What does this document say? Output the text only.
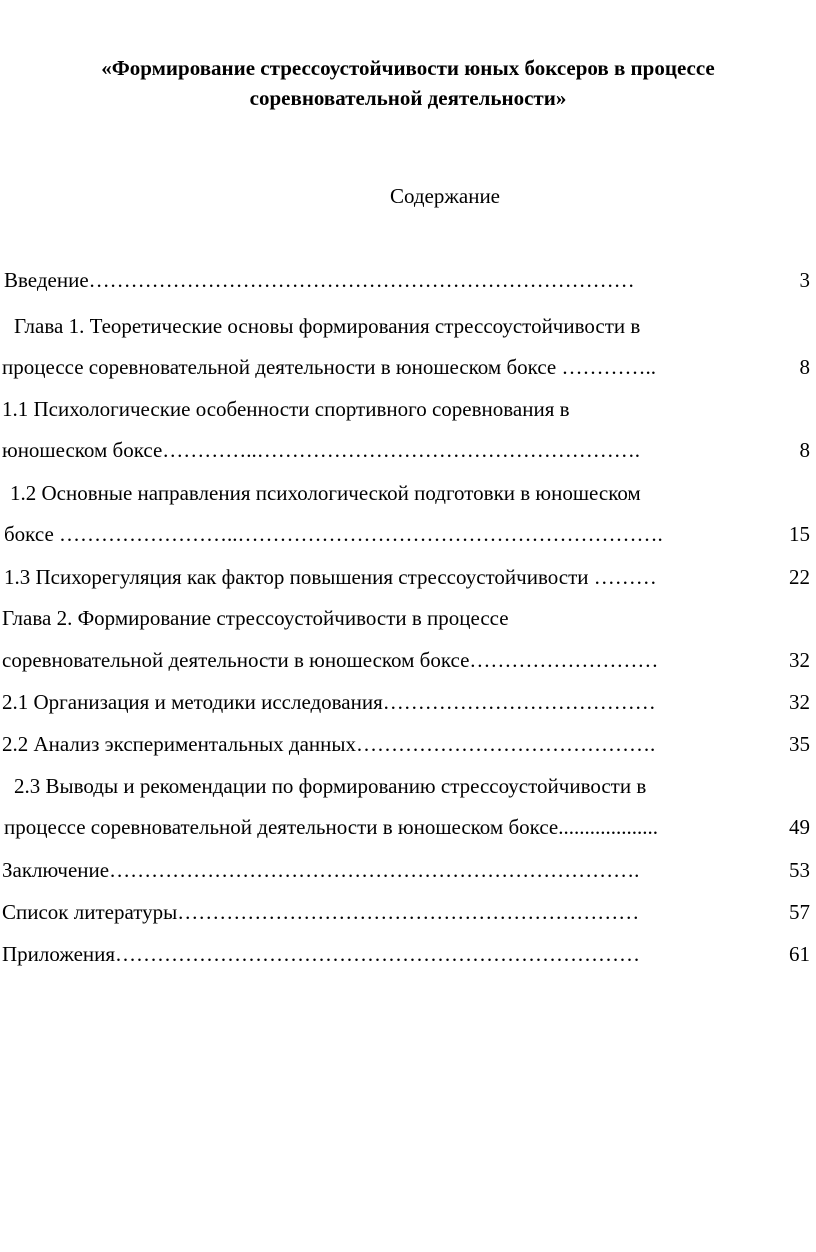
«Формирование стрессоустойчивости юных боксеров в процессе
соревновательной деятельности»
Содержание
Введение……………………………………………………………………	3
Глава 1. Теоретические основы формирования стрессоустойчивости в
процессе соревновательной деятельности в юношеском боксе …………..	8
1.1 Психологические особенности спортивного соревнования в
юношеском боксе…………..……………………………………………….	8
1.2 Основные направления психологической подготовки в юношеском
боксе ……………………..…………………………………………………….	15
1.3 Психорегуляция как фактор повышения стрессоустойчивости ………	22
Глава 2. Формирование стрессоустойчивости в процессе
соревновательной деятельности в юношеском боксе………………………	32
2.1 Организация и методики исследования…………………………………	32
2.2 Анализ экспериментальных данных…………………………………….	35
2.3 Выводы и рекомендации по формированию стрессоустойчивости в
процессе соревновательной деятельности в юношеском боксе...................	49
Заключение………………………………………………………………….	53
Список литературы…………………………………………………………	57
Приложения…………………………………………………………………	61
